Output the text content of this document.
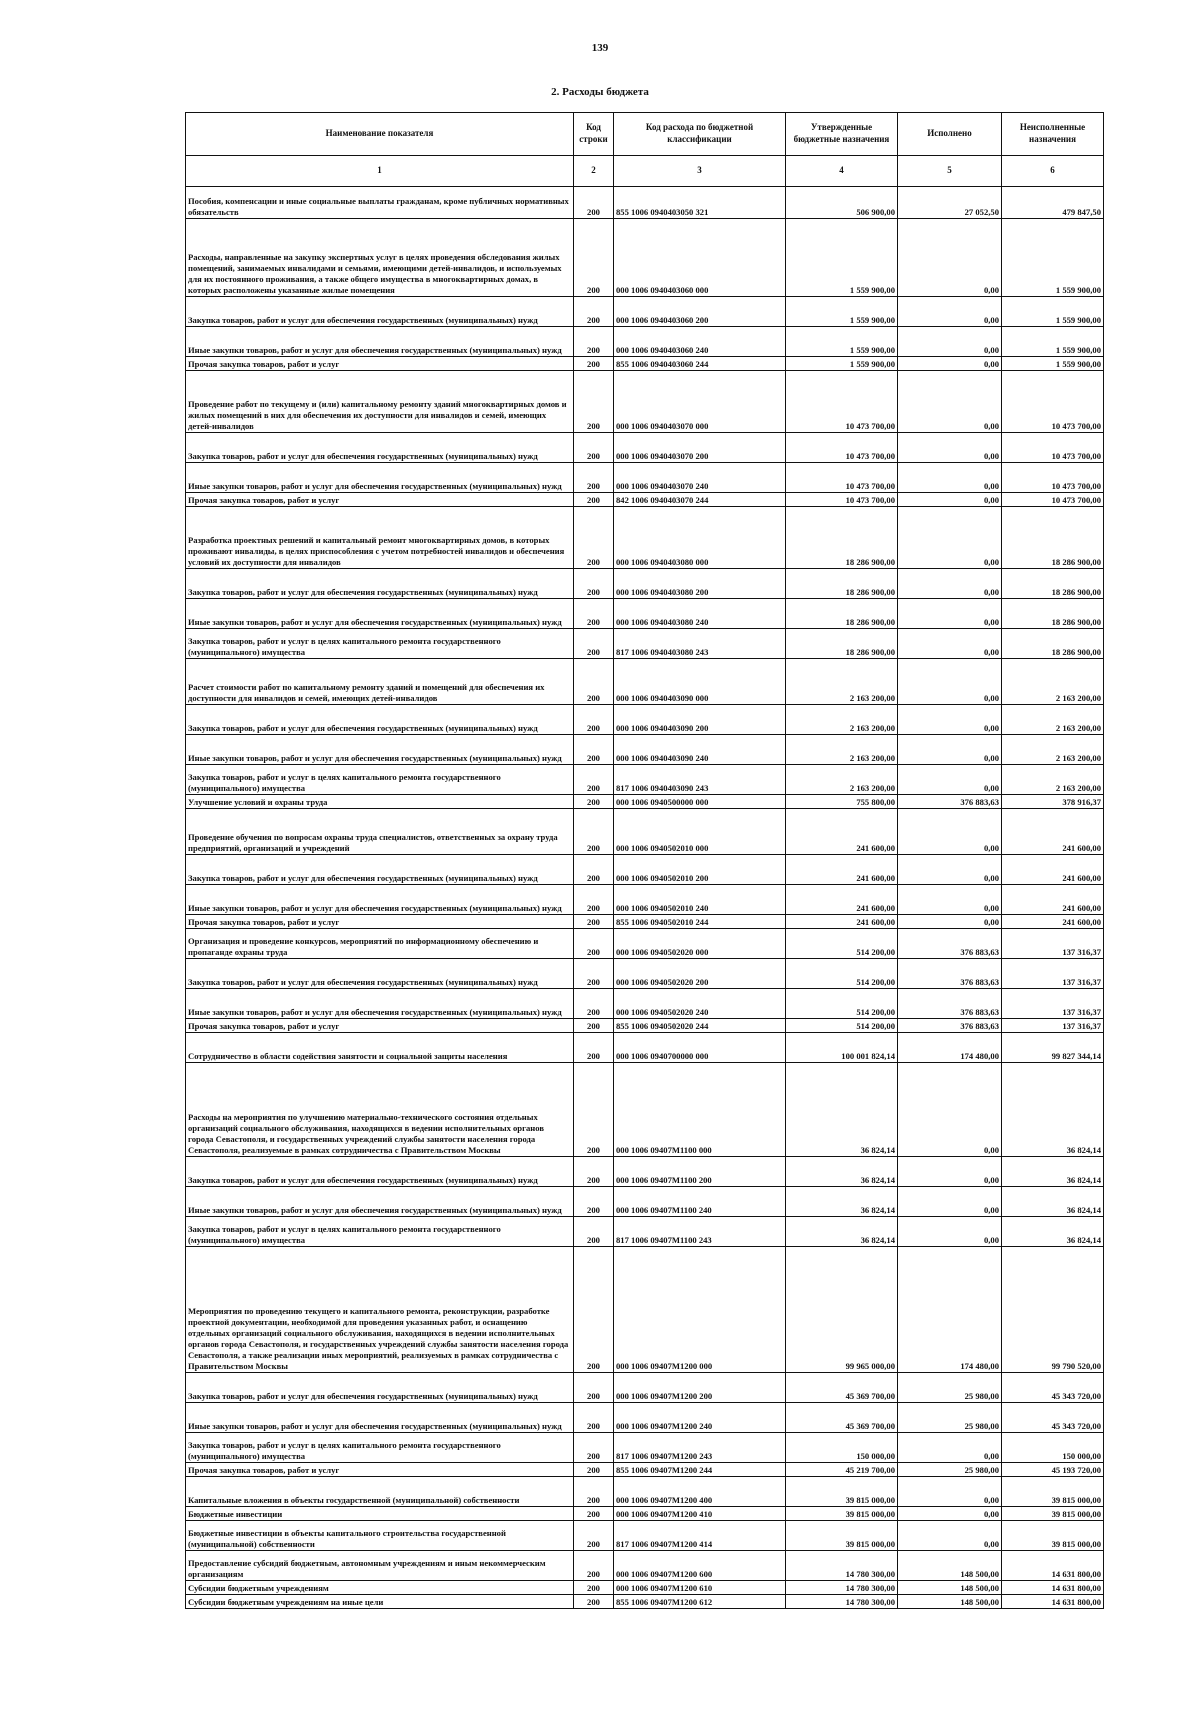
139
2. Расходы бюджета
Наименование показателя	Код строки	Код расхода по бюджетной классификации	Утвержденные бюджетные назначения	Исполнено	Неисполненные назначения
1	2	3	4	5	6
Пособия, компенсации и иные социальные выплаты гражданам, кроме публичных нормативных обязательств	200	855 1006 0940403050 321	506 900,00	27 052,50	479 847,50
Расходы, направленные на закупку экспертных услуг в целях проведения обследования жилых помещений, занимаемых инвалидами и семьями, имеющими детей-инвалидов, и используемых для их постоянного проживания, а также общего имущества в многоквартирных домах, в которых расположены указанные жилые помещения	200	000 1006 0940403060 000	1 559 900,00	0,00	1 559 900,00
Закупка товаров, работ и услуг для обеспечения государственных (муниципальных) нужд	200	000 1006 0940403060 200	1 559 900,00	0,00	1 559 900,00
Иные закупки товаров, работ и услуг для обеспечения государственных (муниципальных) нужд	200	000 1006 0940403060 240	1 559 900,00	0,00	1 559 900,00
Прочая закупка товаров, работ и услуг	200	855 1006 0940403060 244	1 559 900,00	0,00	1 559 900,00
Проведение работ по текущему и (или) капитальному ремонту зданий многоквартирных домов и жилых помещений в них для обеспечения их доступности для инвалидов и семей, имеющих детей-инвалидов	200	000 1006 0940403070 000	10 473 700,00	0,00	10 473 700,00
Закупка товаров, работ и услуг для обеспечения государственных (муниципальных) нужд	200	000 1006 0940403070 200	10 473 700,00	0,00	10 473 700,00
Иные закупки товаров, работ и услуг для обеспечения государственных (муниципальных) нужд	200	000 1006 0940403070 240	10 473 700,00	0,00	10 473 700,00
Прочая закупка товаров, работ и услуг	200	842 1006 0940403070 244	10 473 700,00	0,00	10 473 700,00
Разработка проектных решений и капитальный ремонт многоквартирных домов, в которых проживают инвалиды, в целях приспособления с учетом потребностей инвалидов и обеспечения условий их доступности для инвалидов	200	000 1006 0940403080 000	18 286 900,00	0,00	18 286 900,00
Закупка товаров, работ и услуг для обеспечения государственных (муниципальных) нужд	200	000 1006 0940403080 200	18 286 900,00	0,00	18 286 900,00
Иные закупки товаров, работ и услуг для обеспечения государственных (муниципальных) нужд	200	000 1006 0940403080 240	18 286 900,00	0,00	18 286 900,00
Закупка товаров, работ и услуг в целях капитального ремонта государственного (муниципального) имущества	200	817 1006 0940403080 243	18 286 900,00	0,00	18 286 900,00
Расчет стоимости работ по капитальному ремонту зданий и помещений для обеспечения их доступности для инвалидов и семей, имеющих детей-инвалидов	200	000 1006 0940403090 000	2 163 200,00	0,00	2 163 200,00
Закупка товаров, работ и услуг для обеспечения государственных (муниципальных) нужд	200	000 1006 0940403090 200	2 163 200,00	0,00	2 163 200,00
Иные закупки товаров, работ и услуг для обеспечения государственных (муниципальных) нужд	200	000 1006 0940403090 240	2 163 200,00	0,00	2 163 200,00
Закупка товаров, работ и услуг в целях капитального ремонта государственного (муниципального) имущества	200	817 1006 0940403090 243	2 163 200,00	0,00	2 163 200,00
Улучшение условий и охраны труда	200	000 1006 0940500000 000	755 800,00	376 883,63	378 916,37
Проведение обучения по вопросам охраны труда специалистов, ответственных за охрану труда предприятий, организаций и учреждений	200	000 1006 0940502010 000	241 600,00	0,00	241 600,00
Закупка товаров, работ и услуг для обеспечения государственных (муниципальных) нужд	200	000 1006 0940502010 200	241 600,00	0,00	241 600,00
Иные закупки товаров, работ и услуг для обеспечения государственных (муниципальных) нужд	200	000 1006 0940502010 240	241 600,00	0,00	241 600,00
Прочая закупка товаров, работ и услуг	200	855 1006 0940502010 244	241 600,00	0,00	241 600,00
Организация и проведение конкурсов, мероприятий по информационному обеспечению и пропаганде охраны труда	200	000 1006 0940502020 000	514 200,00	376 883,63	137 316,37
Закупка товаров, работ и услуг для обеспечения государственных (муниципальных) нужд	200	000 1006 0940502020 200	514 200,00	376 883,63	137 316,37
Иные закупки товаров, работ и услуг для обеспечения государственных (муниципальных) нужд	200	000 1006 0940502020 240	514 200,00	376 883,63	137 316,37
Прочая закупка товаров, работ и услуг	200	855 1006 0940502020 244	514 200,00	376 883,63	137 316,37
Сотрудничество в области содействия занятости и социальной защиты населения	200	000 1006 0940700000 000	100 001 824,14	174 480,00	99 827 344,14
Расходы на мероприятия по улучшению материально-технического состояния отдельных организаций социального обслуживания, находящихся в ведении исполнительных органов города Севастополя, и государственных учреждений службы занятости населения города Севастополя, реализуемые в рамках сотрудничества с Правительством Москвы	200	000 1006 09407M1100 000	36 824,14	0,00	36 824,14
Закупка товаров, работ и услуг для обеспечения государственных (муниципальных) нужд	200	000 1006 09407M1100 200	36 824,14	0,00	36 824,14
Иные закупки товаров, работ и услуг для обеспечения государственных (муниципальных) нужд	200	000 1006 09407M1100 240	36 824,14	0,00	36 824,14
Закупка товаров, работ и услуг в целях капитального ремонта государственного (муниципального) имущества	200	817 1006 09407M1100 243	36 824,14	0,00	36 824,14
Мероприятия по проведению текущего и капитального ремонта, реконструкции, разработке проектной документации, необходимой для проведения указанных работ, и оснащению отдельных организаций социального обслуживания, находящихся в ведении исполнительных органов города Севастополя, и государственных учреждений службы занятости населения города Севастополя, а также реализации иных мероприятий, реализуемых в рамках сотрудничества с Правительством Москвы	200	000 1006 09407M1200 000	99 965 000,00	174 480,00	99 790 520,00
Закупка товаров, работ и услуг для обеспечения государственных (муниципальных) нужд	200	000 1006 09407M1200 200	45 369 700,00	25 980,00	45 343 720,00
Иные закупки товаров, работ и услуг для обеспечения государственных (муниципальных) нужд	200	000 1006 09407M1200 240	45 369 700,00	25 980,00	45 343 720,00
Закупка товаров, работ и услуг в целях капитального ремонта государственного (муниципального) имущества	200	817 1006 09407M1200 243	150 000,00	0,00	150 000,00
Прочая закупка товаров, работ и услуг	200	855 1006 09407M1200 244	45 219 700,00	25 980,00	45 193 720,00
Капитальные вложения в объекты государственной (муниципальной) собственности	200	000 1006 09407M1200 400	39 815 000,00	0,00	39 815 000,00
Бюджетные инвестиции	200	000 1006 09407M1200 410	39 815 000,00	0,00	39 815 000,00
Бюджетные инвестиции в объекты капитального строительства государственной (муниципальной) собственности	200	817 1006 09407M1200 414	39 815 000,00	0,00	39 815 000,00
Предоставление субсидий бюджетным, автономным учреждениям и иным некоммерческим организациям	200	000 1006 09407M1200 600	14 780 300,00	148 500,00	14 631 800,00
Субсидии бюджетным учреждениям	200	000 1006 09407M1200 610	14 780 300,00	148 500,00	14 631 800,00
Субсидии бюджетным учреждениям на иные цели	200	855 1006 09407M1200 612	14 780 300,00	148 500,00	14 631 800,00
